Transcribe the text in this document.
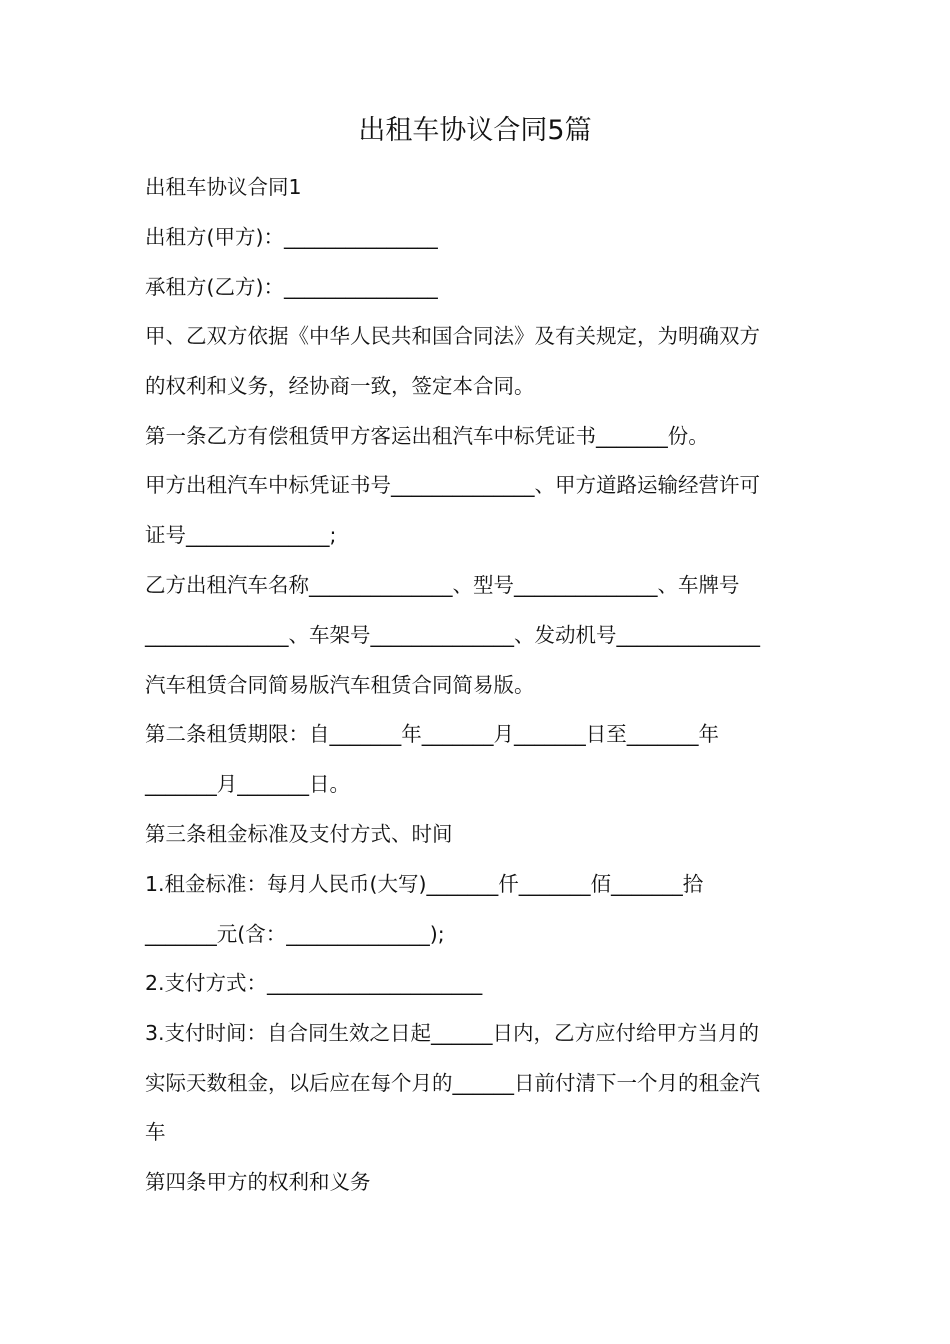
出租车协议合同5篇
出租车协议合同1
出租方(甲方)：_______________
承租方(乙方)：_______________
甲、乙双方依据《中华人民共和国合同法》及有关规定，为明确双方
的权利和义务，经协商一致，签定本合同。
第一条乙方有偿租赁甲方客运出租汽车中标凭证书_______份。
甲方出租汽车中标凭证书号______________、甲方道路运输经营许可
证号______________;
乙方出租汽车名称______________、型号______________、车牌号
______________、车架号______________、发动机号______________
汽车租赁合同简易版汽车租赁合同简易版。
第二条租赁期限：自_______年_______月_______日至_______年
_______月_______日。
第三条租金标准及支付方式、时间
1.租金标准：每月人民币(大写)_______仟_______佰_______拾
_______元(含：______________);
2.支付方式：_____________________
3.支付时间：自合同生效之日起______日内，乙方应付给甲方当月的
实际天数租金，以后应在每个月的______日前付清下一个月的租金汽
车
第四条甲方的权利和义务
